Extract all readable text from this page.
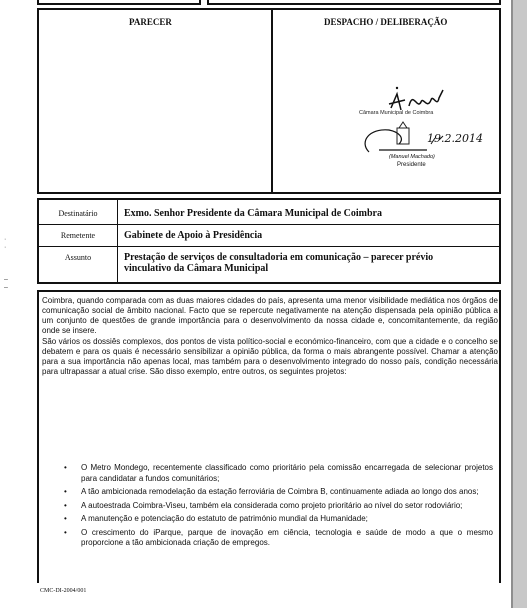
PARECER	DESPACHO / DELIBERAÇÃO
Câmara Municipal de Coimbra
19.2.2014
(Manuel Machado)
Presidente
·
·

–
–
Destinatário	Exmo. Senhor Presidente da Câmara Municipal de Coimbra
Remetente	Gabinete de Apoio à Presidência
Assunto	Prestação de serviços de consultadoria em comunicação – parecer prévio vinculativo da Câmara Municipal

Coimbra, quando comparada com as duas maiores cidades do país, apresenta uma menor visibilidade mediática nos órgãos de comunicação social de âmbito nacional. Facto que se repercute negativamente na atenção dispensada pela opinião pública a um conjunto de questões de grande importância para o desenvolvimento da nossa cidade e, concomitantemente, da região onde se insere.

São vários os dossiês complexos, dos pontos de vista político-social e económico-financeiro, com que a cidade e o concelho se debatem e para os quais é necessário sensibilizar a opinião pública, da forma o mais abrangente possível. Chamar a atenção para a sua importância não apenas local, mas também para o desenvolvimento integrado do nosso país, condição necessária para ultrapassar a atual crise. São disso exemplo, entre outros, os seguintes projetos:

• O Metro Mondego, recentemente classificado como prioritário pela comissão encarregada de selecionar projetos para candidatar a fundos comunitários;
• A tão ambicionada remodelação da estação ferroviária de Coimbra B, continuamente adiada ao longo dos anos;
• A autoestrada Coimbra-Viseu, também ela considerada como projeto prioritário ao nível do setor rodoviário;
• A manutenção e potenciação do estatuto de património mundial da Humanidade;
• O crescimento do iParque, parque de inovação em ciência, tecnologia e saúde de modo a que o mesmo proporcione a tão ambicionada criação de empregos.
CMC-DI-2004/001
